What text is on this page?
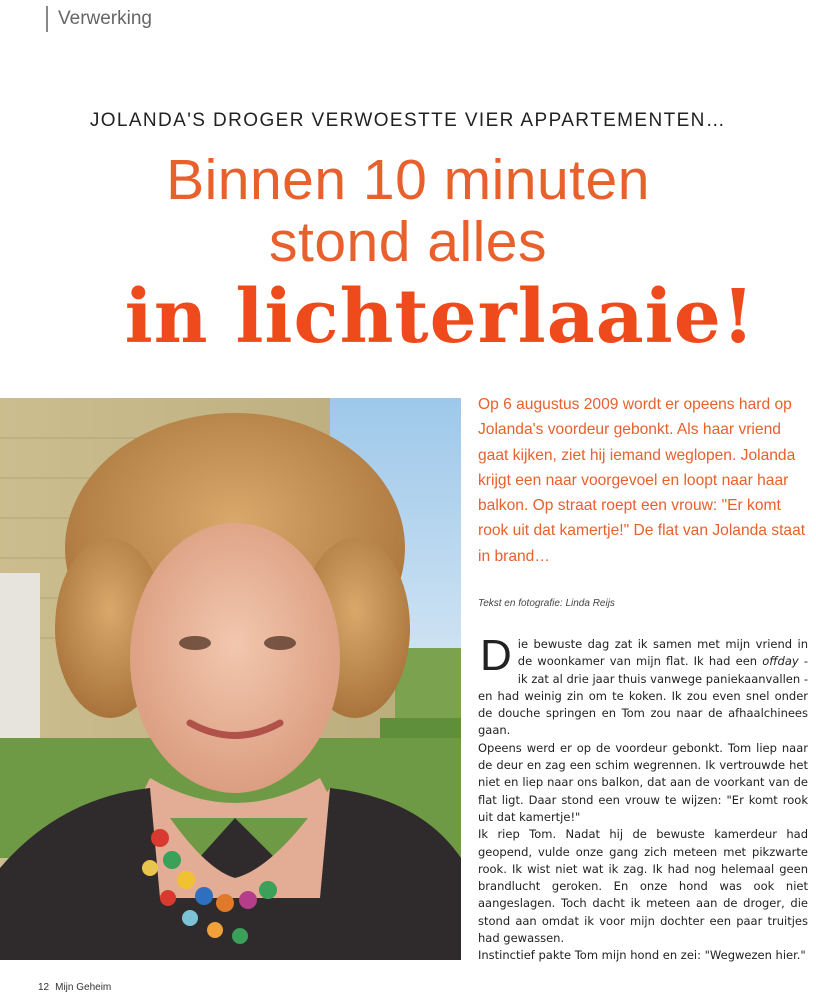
Verwerking
JOLANDA'S DROGER VERWOESTTE VIER APPARTEMENTEN…
Binnen 10 minuten
stond alles
in lichterlaaie!
Op 6 augustus 2009 wordt er opeens hard op Jolanda's voordeur gebonkt. Als haar vriend gaat kijken, ziet hij iemand weglopen. Jolanda krijgt een naar voorgevoel en loopt naar haar balkon. Op straat roept een vrouw: "Er komt rook uit dat kamertje!" De flat van Jolanda staat in brand…
Tekst en fotografie: Linda Reijs

Die bewuste dag zat ik samen met mijn vriend in de woonkamer van mijn flat. Ik had een offday - ik zat al drie jaar thuis vanwege paniekaanvallen - en had weinig zin om te koken. Ik zou even snel onder de douche springen en Tom zou naar de afhaalchinees gaan.

Opeens werd er op de voordeur gebonkt. Tom liep naar de deur en zag een schim wegrennen. Ik vertrouwde het niet en liep naar ons balkon, dat aan de voorkant van de flat ligt. Daar stond een vrouw te wijzen: "Er komt rook uit dat kamertje!"

Ik riep Tom. Nadat hij de bewuste kamerdeur had geopend, vulde onze gang zich meteen met pikzwarte rook. Ik wist niet wat ik zag. Ik had nog helemaal geen brandlucht geroken. En onze hond was ook niet aangeslagen. Toch dacht ik meteen aan de droger, die stond aan omdat ik voor mijn dochter een paar truitjes had gewassen.

Instinctief pakte Tom mijn hond en zei: "Wegwezen hier."

12 Mijn Geheim
